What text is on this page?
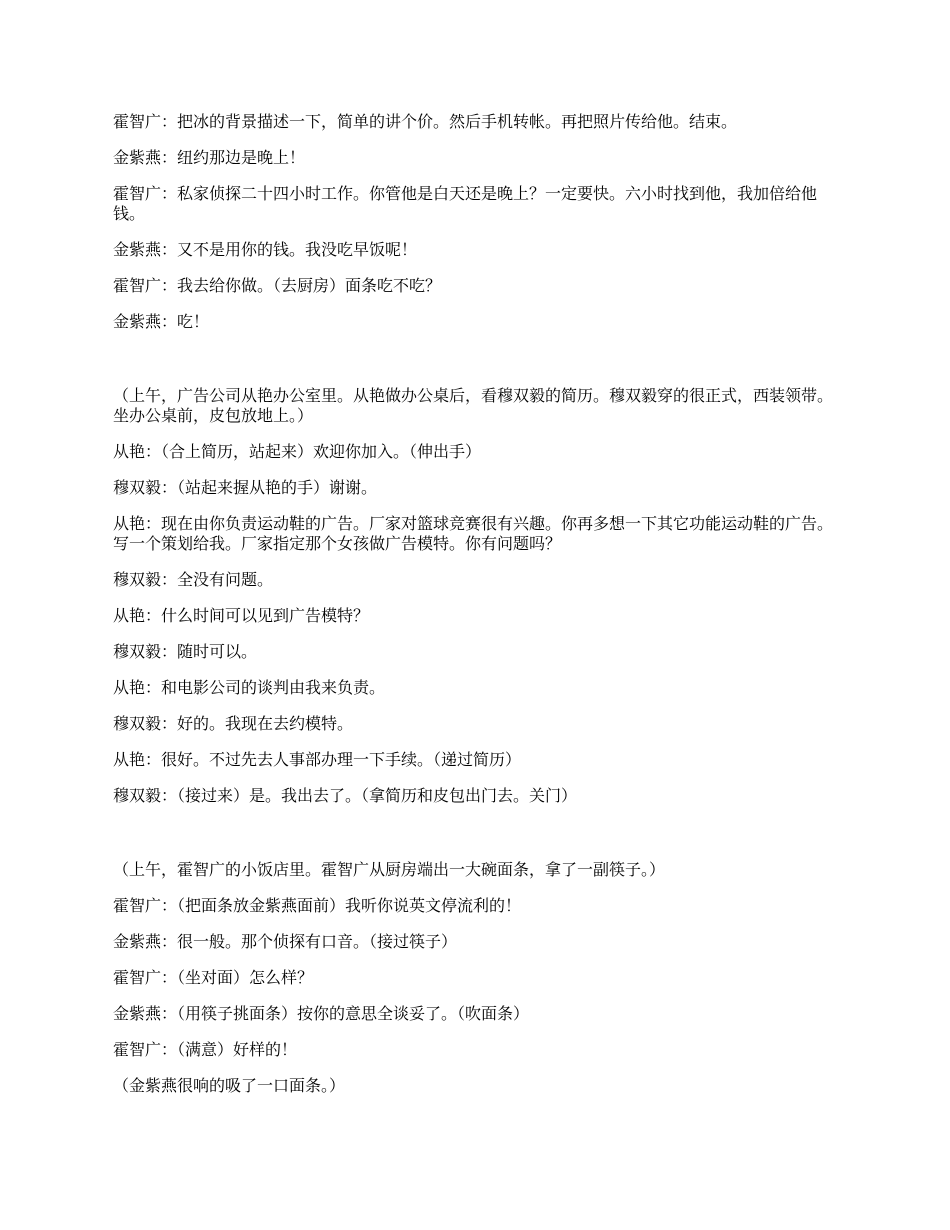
霍智广：把冰的背景描述一下，简单的讲个价。然后手机转帐。再把照片传给他。结束。

金紫燕：纽约那边是晚上！

霍智广：私家侦探二十四小时工作。你管他是白天还是晚上？一定要快。六小时找到他，我加倍给他钱。

金紫燕：又不是用你的钱。我没吃早饭呢！

霍智广：我去给你做。（去厨房）面条吃不吃？

金紫燕：吃！

（上午，广告公司从艳办公室里。从艳做办公桌后，看穆双毅的简历。穆双毅穿的很正式，西装领带。坐办公桌前，皮包放地上。）

从艳：（合上简历，站起来）欢迎你加入。（伸出手）

穆双毅：（站起来握从艳的手）谢谢。

从艳：现在由你负责运动鞋的广告。厂家对篮球竞赛很有兴趣。你再多想一下其它功能运动鞋的广告。写一个策划给我。厂家指定那个女孩做广告模特。你有问题吗？

穆双毅：全没有问题。

从艳：什么时间可以见到广告模特？

穆双毅：随时可以。

从艳：和电影公司的谈判由我来负责。

穆双毅：好的。我现在去约模特。

从艳：很好。不过先去人事部办理一下手续。（递过简历）

穆双毅：（接过来）是。我出去了。（拿简历和皮包出门去。关门）

（上午，霍智广的小饭店里。霍智广从厨房端出一大碗面条，拿了一副筷子。）

霍智广：（把面条放金紫燕面前）我听你说英文停流利的！

金紫燕：很一般。那个侦探有口音。（接过筷子）

霍智广：（坐对面）怎么样？

金紫燕：（用筷子挑面条）按你的意思全谈妥了。（吹面条）

霍智广：（满意）好样的！

（金紫燕很响的吸了一口面条。）
